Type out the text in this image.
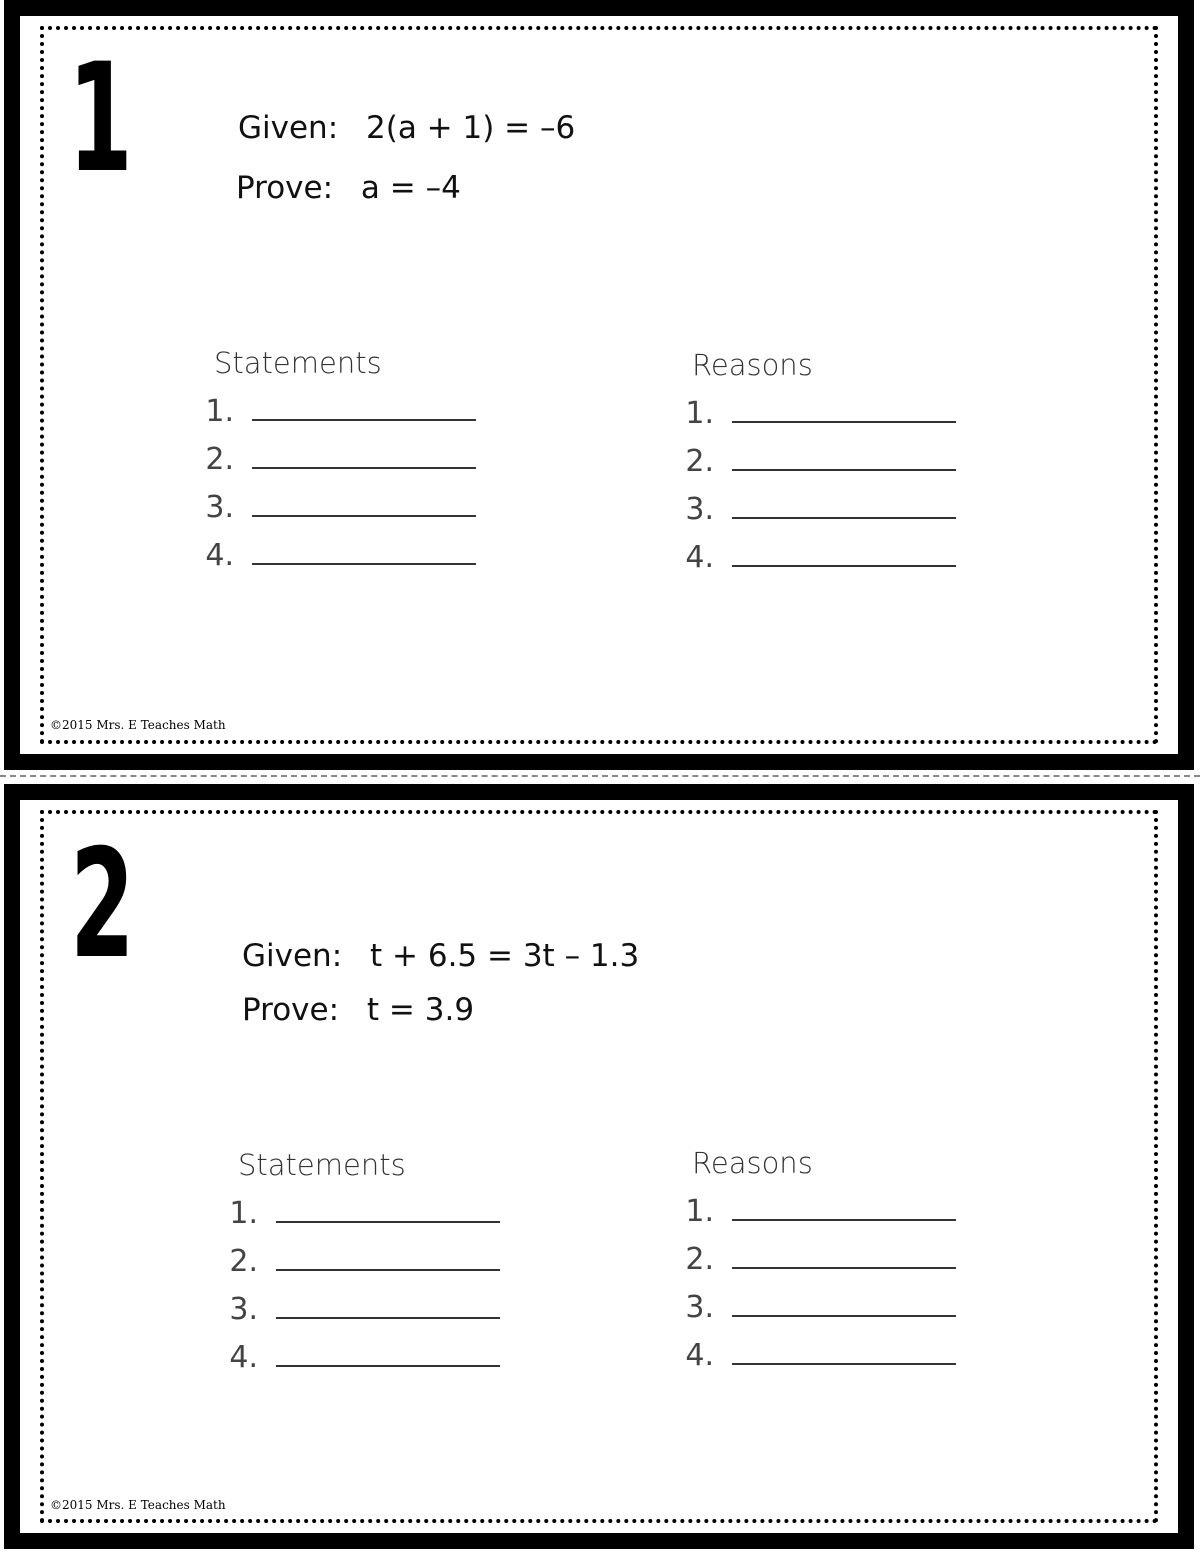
1	Given: 2(a + 1) = –6
Prove: a = –4
Statements
1.
2.
3.
4.
Reasons
1.
2.
3.
4.
©2015 Mrs. E Teaches Math
2	Given: t + 6.5 = 3t – 1.3
Prove: t = 3.9
Statements
1.
2.
3.
4.
Reasons
1.
2.
3.
4.
©2015 Mrs. E Teaches Math
